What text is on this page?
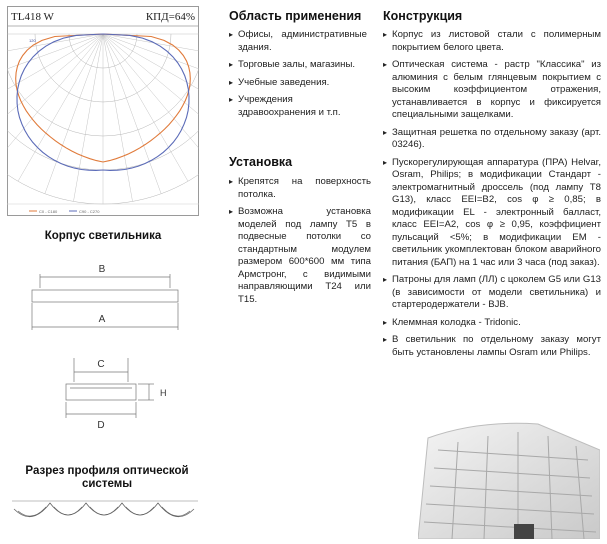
TL418 W	КПД=64%
120
C0 - C180	C90 - C270
Корпус светильника
B
A
C
D
H
Разрез профиля оптической системы
Область применения
▸ Офисы, административные здания.
▸ Торговые залы, магазины.
▸ Учебные заведения.
▸ Учреждения здравоохранения и т.п.
Установка
▸ Крепятся на поверхность потолка.
▸ Возможна установка моделей под лампу Т5 в подвесные потолки со стандартным модулем размером 600*600 мм типа Армстронг, с видимыми направляющими Т24 или Т15.
Конструкция
▸ Корпус из листовой стали с полимерным покрытием белого цвета.
▸ Оптическая система - растр "Классика" из алюминия с белым глянцевым покрытием с высоким коэффициентом отражения, устанавливается в корпус и фиксируется специальными защелками.
▸ Защитная решетка по отдельному заказу (арт. 03246).
▸ Пускорегулирующая аппаратура (ПРА) Helvar, Osram, Philips; в модификации Стандарт - электромагнитный дроссель (под лампу Т8 G13), класс EEI=B2, cos φ ≥ 0,85; в модификации EL - электронный балласт, класс EEI=A2, cos φ ≥ 0,95, коэффициент пульсаций <5%; в модификации ЕМ - светильник укомплектован блоком аварийного питания (БАП) на 1 час или 3 часа (под заказ).
▸ Патроны для ламп (ЛЛ) с цоколем G5 или G13 (в зависимости от модели светильника) и стартеродержатели - BJB.
▸ Клеммная колодка - Tridonic.
▸ В светильник по отдельному заказу могут быть установлены лампы Osram или Philips.
